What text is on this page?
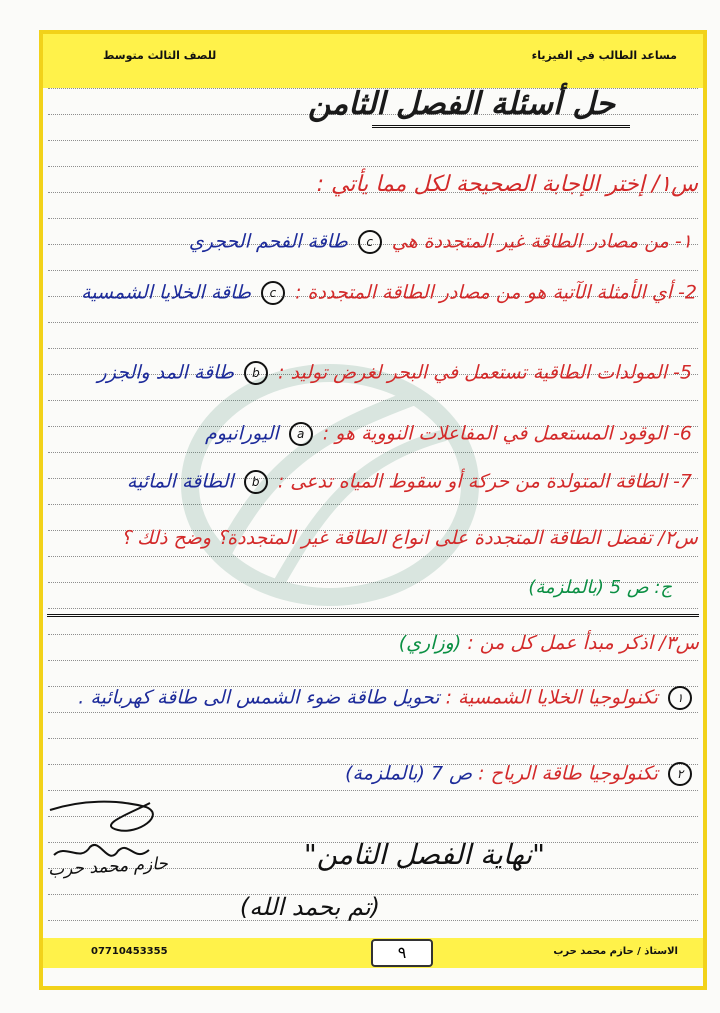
مساعد الطالب في الفيزياء
للصف الثالث متوسط
حل أسئلة الفصل الثامن
س١/ إختر الإجابة الصحيحة لكل مما يأتي :
١- من مصادر الطاقة غير المتجددة هي c طاقة الفحم الحجري
2- أي الأمثلة الآتية هو من مصادر الطاقة المتجددة : c طاقة الخلايا الشمسية
5- المولدات الطاقية تستعمل في البحر لغرض توليد : b طاقة المد والجزر
6- الوقود المستعمل في المفاعلات النووية هو : a اليورانيوم
7- الطاقة المتولدة من حركة أو سقوط المياه تدعى : b الطاقة المائية
س٢/ تفضل الطاقة المتجددة على انواع الطاقة غير المتجددة؟ وضح ذلك ؟
ج: ص 5 (بالملزمة)
س٣/ اذكر مبدأ عمل كل من : (وزاري)
١ تكنولوجيا الخلايا الشمسية : تحويل طاقة ضوء الشمس الى طاقة كهربائية .
٢ تكنولوجيا طاقة الرياح : ص 7 (بالملزمة)
حازم محمد حرب	"نهاية الفصل الثامن"
(تم بحمد الله)
الاستاذ / حازم محمد حرب
07710453355	٩
